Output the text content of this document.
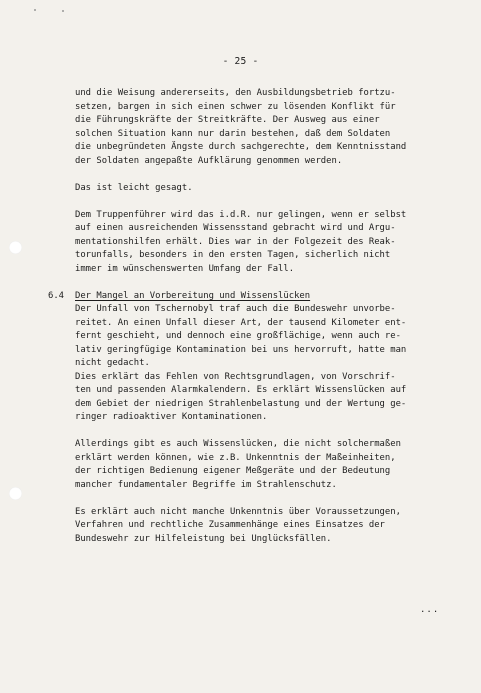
- 25 -
und die Weisung andererseits, den Ausbildungsbetrieb fortzu-
setzen, bargen in sich einen schwer zu lösenden Konflikt für
die Führungskräfte der Streitkräfte. Der Ausweg aus einer
solchen Situation kann nur darin bestehen, daß dem Soldaten
die unbegründeten Ängste durch sachgerechte, dem Kenntnisstand
der Soldaten angepaßte Aufklärung genommen werden.
Das ist leicht gesagt.
Dem Truppenführer wird das i.d.R. nur gelingen, wenn er selbst
auf einen ausreichenden Wissensstand gebracht wird und Argu-
mentationshilfen erhält. Dies war in der Folgezeit des Reak-
torunfalls, besonders in den ersten Tagen, sicherlich nicht
immer im wünschenswerten Umfang der Fall.
6.4 Der Mangel an Vorbereitung und Wissenslücken
Der Unfall von Tschernobyl traf auch die Bundeswehr unvorbe-
reitet. An einen Unfall dieser Art, der tausend Kilometer ent-
fernt geschieht, und dennoch eine großflächige, wenn auch re-
lativ geringfügige Kontamination bei uns hervorruft, hatte man
nicht gedacht.
Dies erklärt das Fehlen von Rechtsgrundlagen, von Vorschrif-
ten und passenden Alarmkalendern. Es erklärt Wissenslücken auf
dem Gebiet der niedrigen Strahlenbelastung und der Wertung ge-
ringer radioaktiver Kontaminationen.
Allerdings gibt es auch Wissenslücken, die nicht solchermaßen
erklärt werden können, wie z.B. Unkenntnis der Maßeinheiten,
der richtigen Bedienung eigener Meßgeräte und der Bedeutung
mancher fundamentaler Begriffe im Strahlenschutz.
Es erklärt auch nicht manche Unkenntnis über Voraussetzungen,
Verfahren und rechtliche Zusammenhänge eines Einsatzes der
Bundeswehr zur Hilfeleistung bei Unglücksfällen.
...
